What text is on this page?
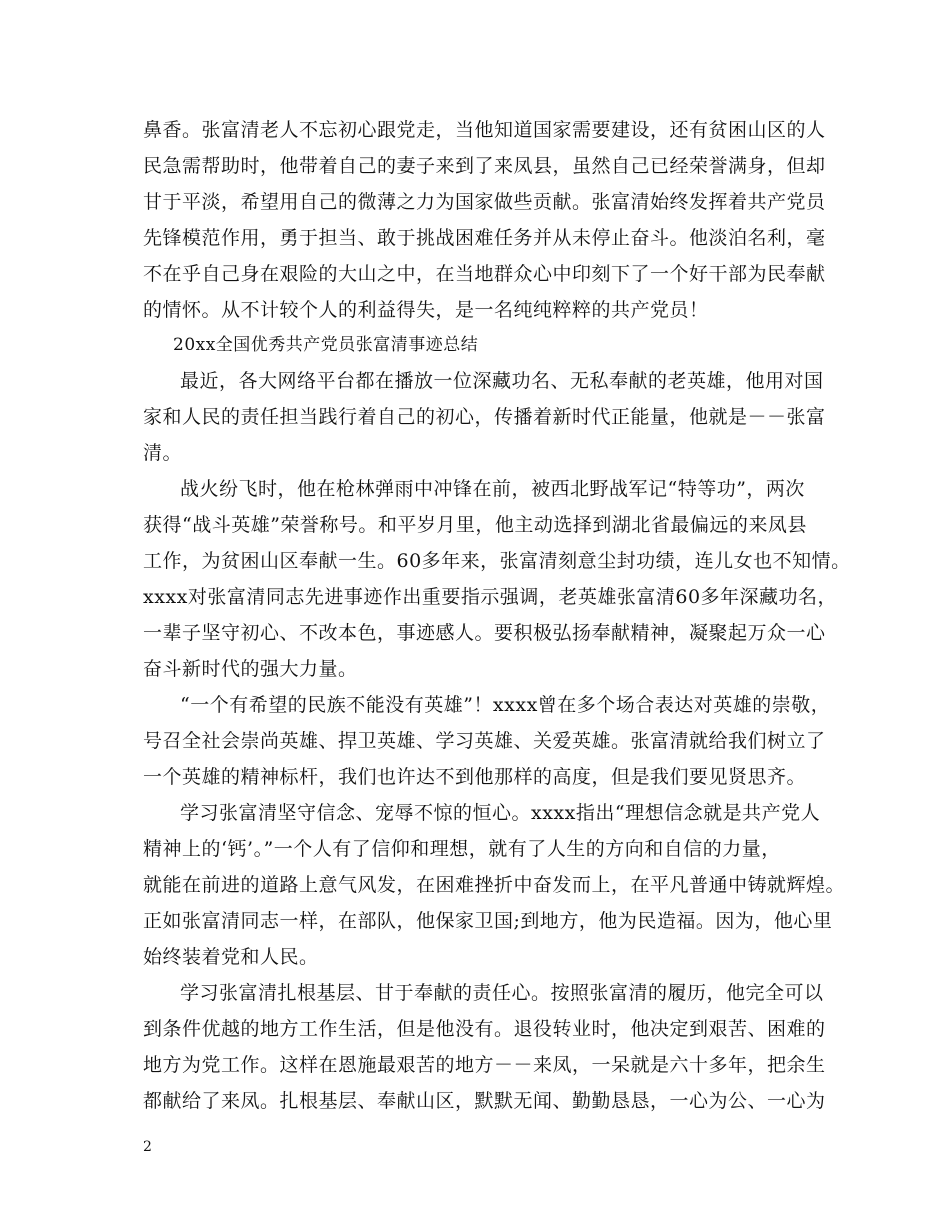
鼻香。张富清老人不忘初心跟党走，当他知道国家需要建设，还有贫困山区的人
民急需帮助时，他带着自己的妻子来到了来凤县，虽然自己已经荣誉满身，但却
甘于平淡，希望用自己的微薄之力为国家做些贡献。张富清始终发挥着共产党员
先锋模范作用，勇于担当、敢于挑战困难任务并从未停止奋斗。他淡泊名利，毫
不在乎自己身在艰险的大山之中，在当地群众心中印刻下了一个好干部为民奉献
的情怀。从不计较个人的利益得失，是一名纯纯粹粹的共产党员！
20xx全国优秀共产党员张富清事迹总结
最近，各大网络平台都在播放一位深藏功名、无私奉献的老英雄，他用对国
家和人民的责任担当践行着自己的初心，传播着新时代正能量，他就是－－张富
清。
战火纷飞时，他在枪林弹雨中冲锋在前，被西北野战军记“特等功”，两次
获得“战斗英雄”荣誉称号。和平岁月里，他主动选择到湖北省最偏远的来凤县
工作，为贫困山区奉献一生。60多年来，张富清刻意尘封功绩，连儿女也不知情。
xxxx对张富清同志先进事迹作出重要指示强调，老英雄张富清60多年深藏功名，
一辈子坚守初心、不改本色，事迹感人。要积极弘扬奉献精神，凝聚起万众一心
奋斗新时代的强大力量。
“一个有希望的民族不能没有英雄”！xxxx曾在多个场合表达对英雄的崇敬，
号召全社会崇尚英雄、捍卫英雄、学习英雄、关爱英雄。张富清就给我们树立了
一个英雄的精神标杆，我们也许达不到他那样的高度，但是我们要见贤思齐。
学习张富清坚守信念、宠辱不惊的恒心。xxxx指出“理想信念就是共产党人
精神上的‘钙’。”一个人有了信仰和理想，就有了人生的方向和自信的力量，
就能在前进的道路上意气风发，在困难挫折中奋发而上，在平凡普通中铸就辉煌。
正如张富清同志一样，在部队，他保家卫国;到地方，他为民造福。因为，他心里
始终装着党和人民。
学习张富清扎根基层、甘于奉献的责任心。按照张富清的履历，他完全可以
到条件优越的地方工作生活，但是他没有。退役转业时，他决定到艰苦、困难的
地方为党工作。这样在恩施最艰苦的地方－－来凤，一呆就是六十多年，把余生
都献给了来凤。扎根基层、奉献山区，默默无闻、勤勤恳恳，一心为公、一心为
2
